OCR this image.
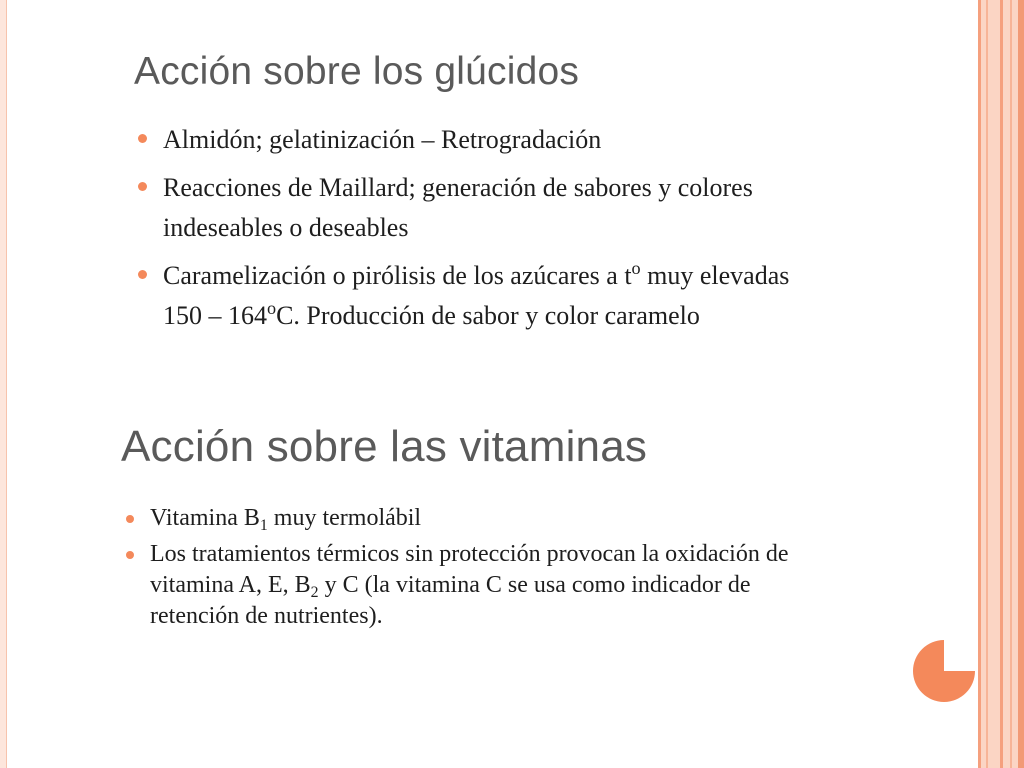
Acción sobre los glúcidos
Almidón; gelatinización – Retrogradación
Reacciones de Maillard; generación de sabores y colores
indeseables o deseables
Caramelización o pirólisis de los azúcares a $t^o$ muy elevadas
150 – 164$^o$C. Producción de sabor y color caramelo
Acción sobre las vitaminas
Vitamina $B_1$ muy termolábil
Los tratamientos térmicos sin protección provocan la oxidación de
vitamina A, E, $B_2$ y C (la vitamina C se usa como indicador de
retención de nutrientes).
